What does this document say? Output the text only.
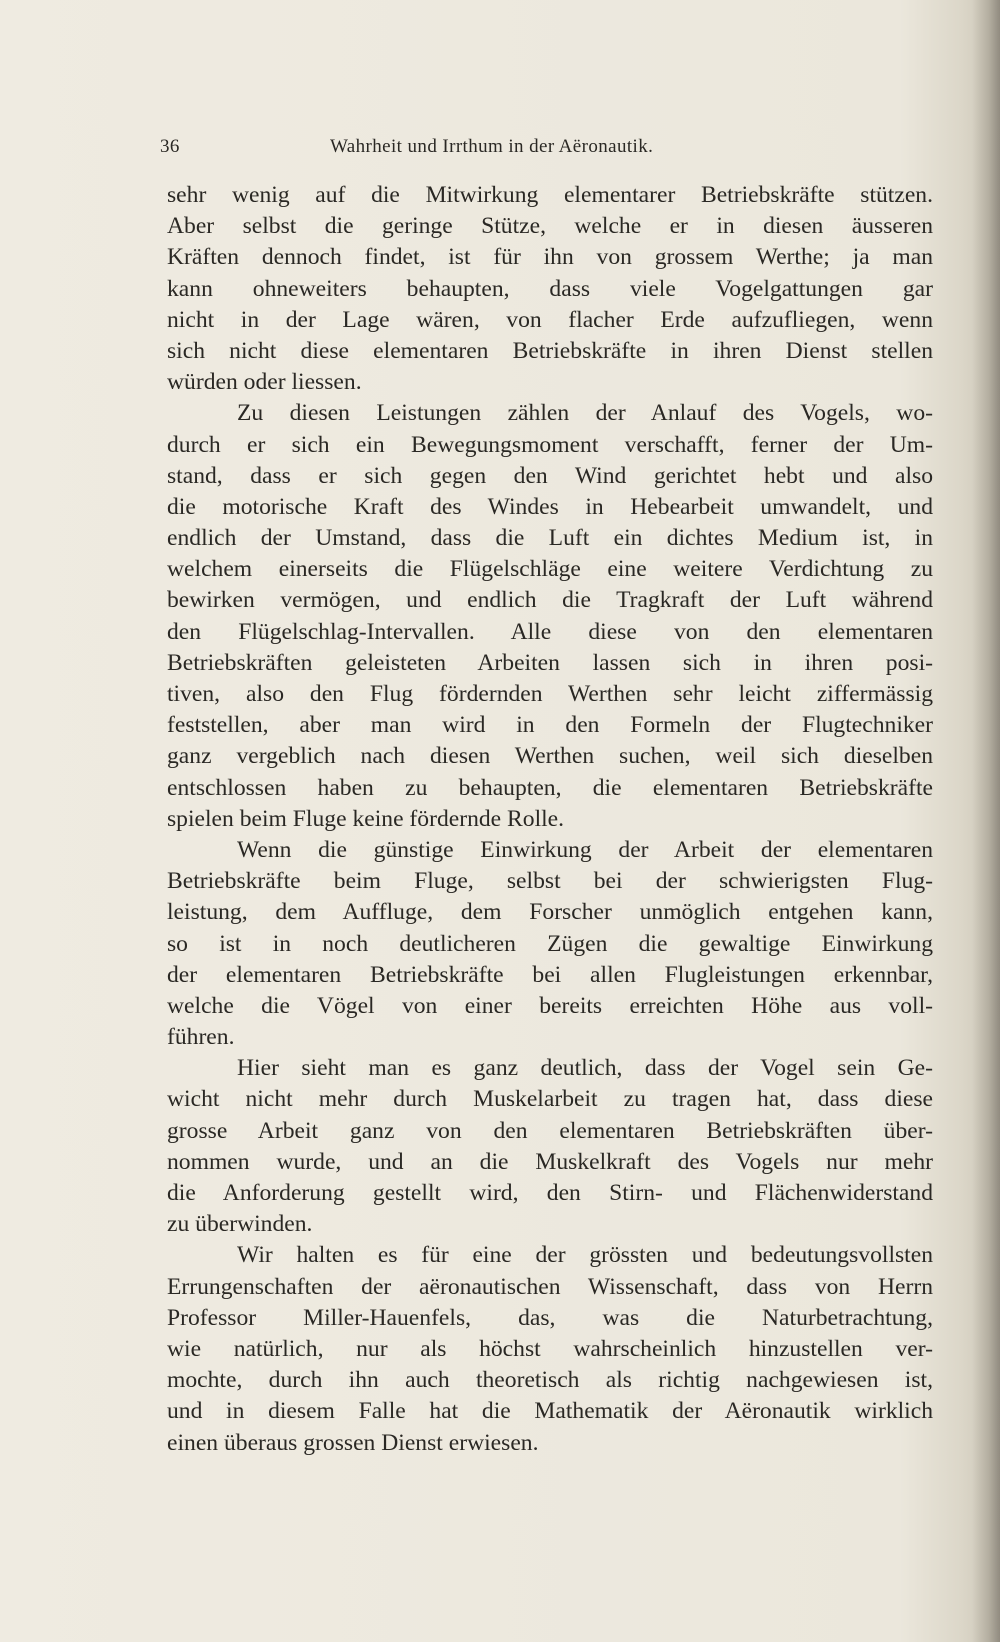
36	Wahrheit und Irrthum in der Aëronautik.
sehr wenig auf die Mitwirkung elementarer Betriebskräfte stützen.
Aber selbst die geringe Stütze, welche er in diesen äusseren
Kräften dennoch findet, ist für ihn von grossem Werthe; ja man
kann ohneweiters behaupten, dass viele Vogelgattungen gar
nicht in der Lage wären, von flacher Erde aufzufliegen, wenn
sich nicht diese elementaren Betriebskräfte in ihren Dienst stellen
würden oder liessen.
Zu diesen Leistungen zählen der Anlauf des Vogels, wo-
durch er sich ein Bewegungsmoment verschafft, ferner der Um-
stand, dass er sich gegen den Wind gerichtet hebt und also
die motorische Kraft des Windes in Hebearbeit umwandelt, und
endlich der Umstand, dass die Luft ein dichtes Medium ist, in
welchem einerseits die Flügelschläge eine weitere Verdichtung zu
bewirken vermögen, und endlich die Tragkraft der Luft während
den Flügelschlag-Intervallen. Alle diese von den elementaren
Betriebskräften geleisteten Arbeiten lassen sich in ihren posi-
tiven, also den Flug fördernden Werthen sehr leicht ziffermässig
feststellen, aber man wird in den Formeln der Flugtechniker
ganz vergeblich nach diesen Werthen suchen, weil sich dieselben
entschlossen haben zu behaupten, die elementaren Betriebskräfte
spielen beim Fluge keine fördernde Rolle.
Wenn die günstige Einwirkung der Arbeit der elementaren
Betriebskräfte beim Fluge, selbst bei der schwierigsten Flug-
leistung, dem Auffluge, dem Forscher unmöglich entgehen kann,
so ist in noch deutlicheren Zügen die gewaltige Einwirkung
der elementaren Betriebskräfte bei allen Flugleistungen erkennbar,
welche die Vögel von einer bereits erreichten Höhe aus voll-
führen.
Hier sieht man es ganz deutlich, dass der Vogel sein Ge-
wicht nicht mehr durch Muskelarbeit zu tragen hat, dass diese
grosse Arbeit ganz von den elementaren Betriebskräften über-
nommen wurde, und an die Muskelkraft des Vogels nur mehr
die Anforderung gestellt wird, den Stirn- und Flächenwiderstand
zu überwinden.
Wir halten es für eine der grössten und bedeutungsvollsten
Errungenschaften der aëronautischen Wissenschaft, dass von Herrn
Professor Miller-Hauenfels, das, was die Naturbetrachtung,
wie natürlich, nur als höchst wahrscheinlich hinzustellen ver-
mochte, durch ihn auch theoretisch als richtig nachgewiesen ist,
und in diesem Falle hat die Mathematik der Aëronautik wirklich
einen überaus grossen Dienst erwiesen.
